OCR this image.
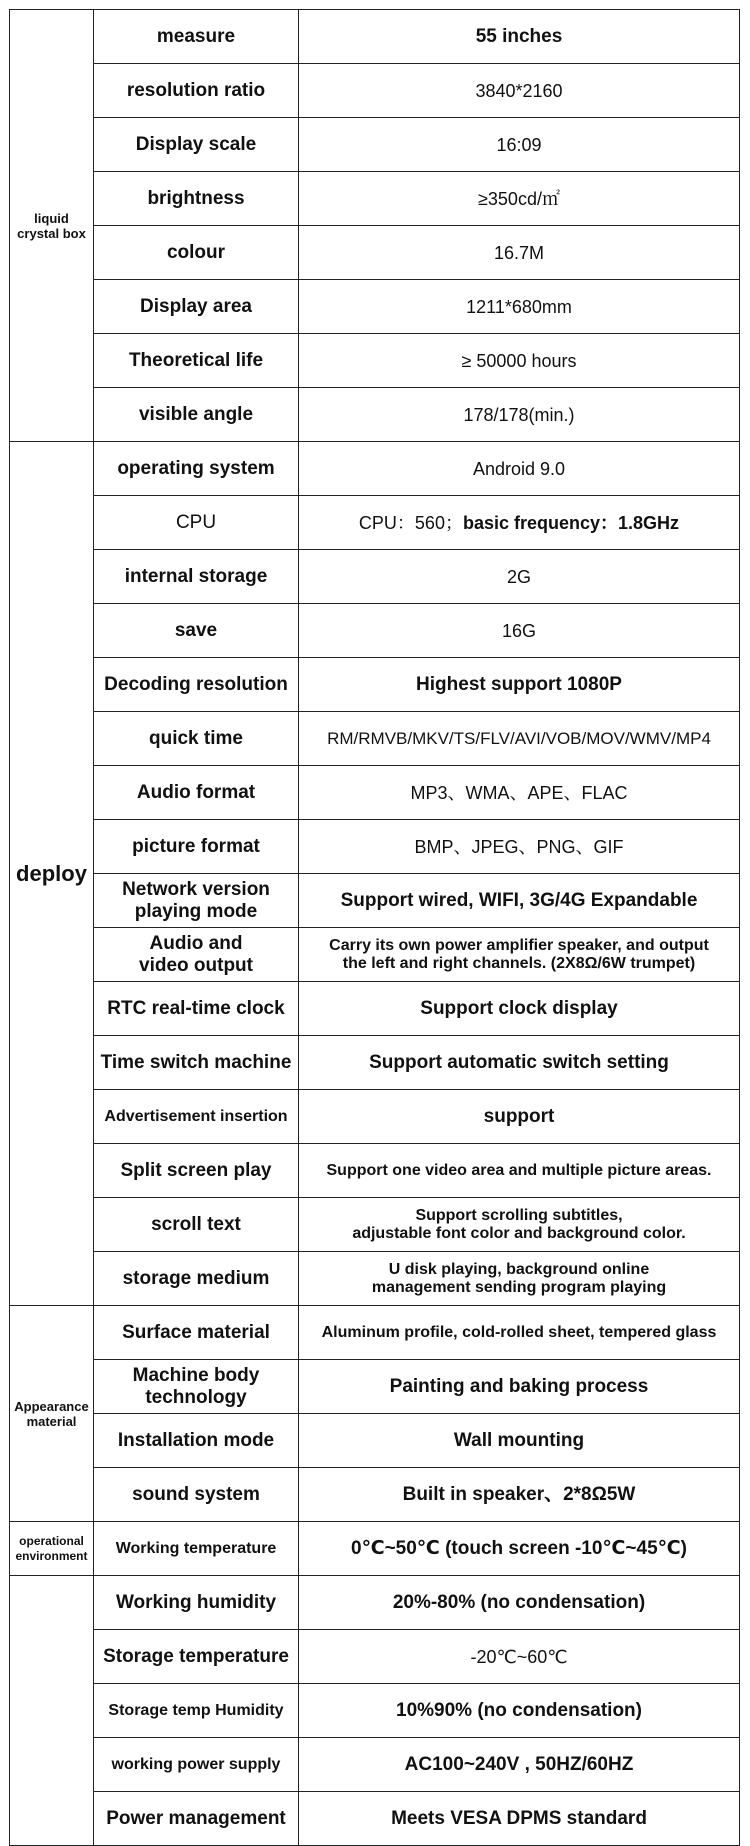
liquid crystal box	measure	55 inches
	resolution ratio	3840*2160
	Display scale	16:09
	brightness	≥350cd/㎡
	colour	16.7M
	Display area	1211*680mm
	Theoretical life	≥ 50000 hours
	visible angle	178/178(min.)
deploy	operating system	Android 9.0
	CPU	CPU：560；basic frequency：1.8GHz
	internal storage	2G
	save	16G
	Decoding resolution	Highest support 1080P
	quick time	RM/RMVB/MKV/TS/FLV/AVI/VOB/MOV/WMV/MP4
	Audio format	MP3、WMA、APE、FLAC
	picture format	BMP、JPEG、PNG、GIF

	Network version
playing mode	Support wired, WIFI, 3G/4G Expandable

	Audio and
video output	Carry its own power amplifier speaker, and output
the left and right channels. (2X8Ω/6W trumpet)

	RTC real-time clock	Support clock display
	Time switch machine	Support automatic switch setting
	Advertisement insertion	support
	Split screen play	Support one video area and multiple picture areas.
	scroll text	Support scrolling subtitles,
adjustable font color and background color.

	storage medium	U disk playing, background online
management sending program playing

Appearance material	Surface material	Aluminum profile, cold-rolled sheet, tempered glass

	Machine body
technology	Painting and baking process
	Installation mode	Wall mounting
	sound system	Built in speaker、2*8Ω5W
operational environment	Working temperature	0℃~50℃ (touch screen -10℃~45℃)
	Working humidity	20%-80% (no condensation)
	Storage temperature	-20℃~60℃
	Storage temp Humidity	10%90% (no condensation)
	working power supply	AC100~240V , 50HZ/60HZ
	Power management	Meets VESA DPMS standard
